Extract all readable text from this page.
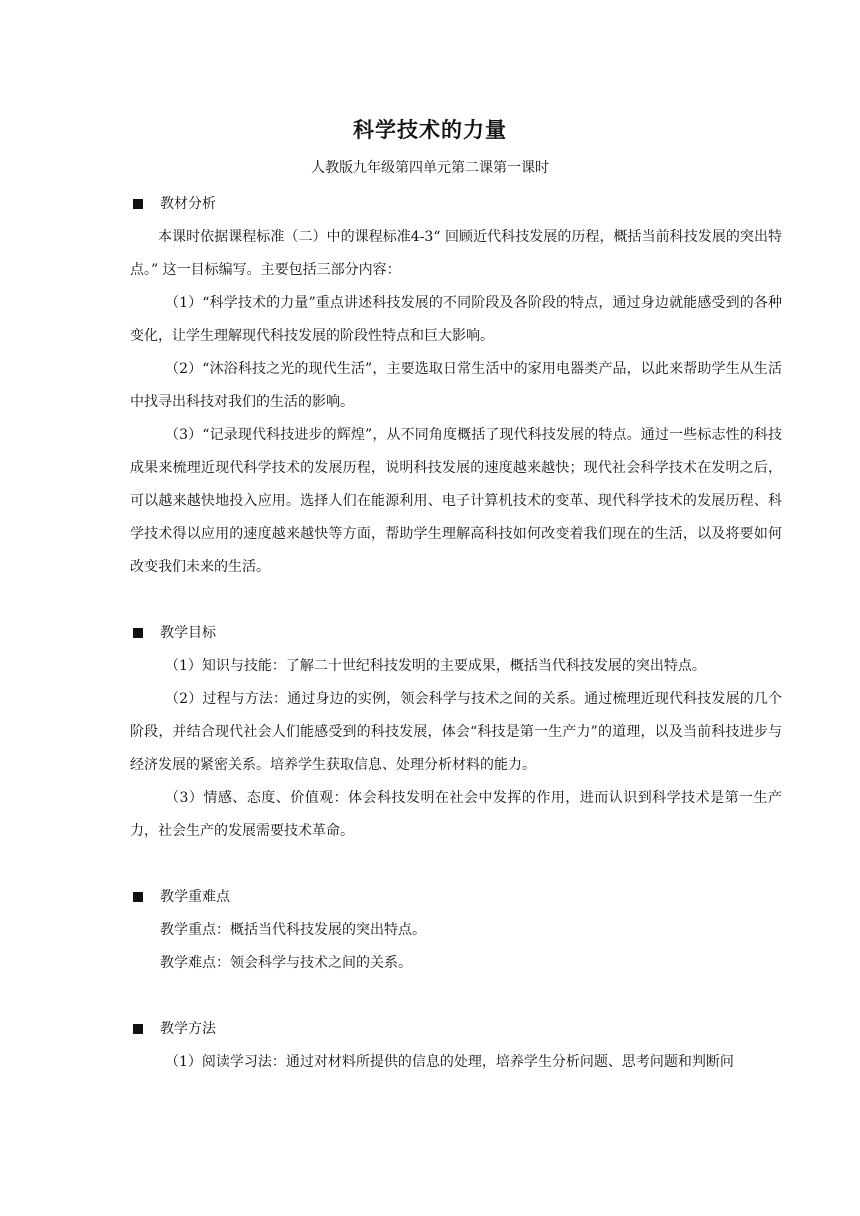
科学技术的力量
人教版九年级第四单元第二课第一课时
教材分析

本课时依据课程标准（二）中的课程标准4-3“ 回顾近代科技发展的历程，概括当前科技发展的突出特点。” 这一目标编写。主要包括三部分内容：

（1）“科学技术的力量”重点讲述科技发展的不同阶段及各阶段的特点，通过身边就能感受到的各种变化，让学生理解现代科技发展的阶段性特点和巨大影响。

（2）“沐浴科技之光的现代生活”，主要选取日常生活中的家用电器类产品，以此来帮助学生从生活中找寻出科技对我们的生活的影响。

（3）“记录现代科技进步的辉煌”，从不同角度概括了现代科技发展的特点。通过一些标志性的科技成果来梳理近现代科学技术的发展历程，说明科技发展的速度越来越快；现代社会科学技术在发明之后，可以越来越快地投入应用。选择人们在能源利用、电子计算机技术的变革、现代科学技术的发展历程、科学技术得以应用的速度越来越快等方面，帮助学生理解高科技如何改变着我们现在的生活，以及将要如何改变我们未来的生活。

教学目标

（1）知识与技能：了解二十世纪科技发明的主要成果，概括当代科技发展的突出特点。

（2）过程与方法：通过身边的实例，领会科学与技术之间的关系。通过梳理近现代科技发展的几个阶段，并结合现代社会人们能感受到的科技发展，体会“科技是第一生产力”的道理，以及当前科技进步与经济发展的紧密关系。培养学生获取信息、处理分析材料的能力。

（3）情感、态度、价值观：体会科技发明在社会中发挥的作用，进而认识到科学技术是第一生产力，社会生产的发展需要技术革命。

教学重难点

教学重点：概括当代科技发展的突出特点。

教学难点：领会科学与技术之间的关系。

教学方法

（1）阅读学习法：通过对材料所提供的信息的处理，培养学生分析问题、思考问题和判断问
